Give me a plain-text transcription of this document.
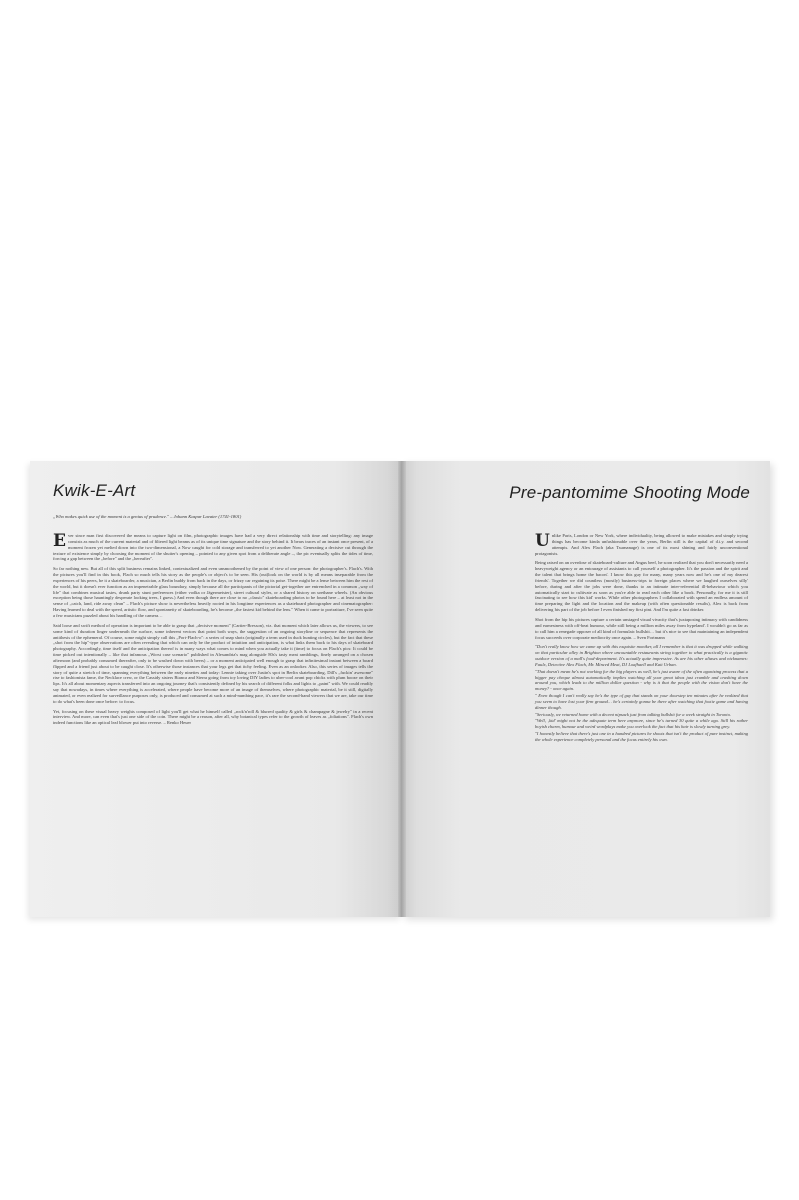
Kwik-E-Art
„Who makes quick use of the moment is a genius of prudence." – Johann Kaspar Lavater (1741-1801)

Ever since man first discovered the means to capture light on film, photographic images have had a very direct relationship with time and storytelling: any image consists as much of the current material and of filtered light beams as of its unique time signature and the story behind it. It bears traces of an instant once present, of a moment frozen yet melted down into the two-dimensional, a Now caught for cold storage and transferred to yet another Now. Generating a decisive cut through the texture of existence simply by choosing the moment of the shutter's opening – pointed to any given spot from a deliberate angle –, the pic eventually splits the tides of time, forcing a gap between the „before" and the „hereafter".

So far nothing new. But all of this split business remains linked, contextualized and even unsmoothened by the point of view of one person: the photographer's. Flach's. With the pictures you'll find in this book, Flach so much tells his story as the people's or object's to be seen. His (out)look on the world is by all means inseparable from the experiences of his peers, be it a skateboarder, a musician, a Berlin buddy from back in the days, or frizzy car regaining its poise. There might be a lense between him the rest of the world, but it doesn't ever function as an impenetrable glass boundary, simply because all the participants of the pictorial get-together are entrenched in a common „way of life" that combines musical tastes, drunk party stunt preferences (either vodka or Jägermeister), street cultural styles, or a shared history on urethane wheels. (An obvious exception being those hauntingly desperate looking trees, I guess.) And even though there are close to no „classic" skateboarding photos to be found here – at least not in the sense of „catch, land, ride away clean" – Flach's picture show is nevertheless heavily rooted in his longtime experiences as a skateboard photographer and cinematographer: Having learned to deal with the speed, artistic flow, and spontaneity of skateboarding, he's become „the fastest kid behind the lens." When it came to portraiture, I've seen quite a few musicians puzzled about his handling of the camera…

Said loose and swift method of operation is important to be able to grasp that „decisive moment" (Cartier-Bresson), viz. that moment which later allows us, the viewers, to see some kind of duration linger underneath the surface, some inherent vectors that point both ways, the suggestion of an ongoing storyline or sequence that represents the antithesis of the ephemeral. Of course, some might simply call this „Port-Flach-o": a series of snap shots (originally a term used in duck hunting circles), but the fact that these „shot from the hip"-type observations are often revealing that which can only be the product of intuition and anticipation, is what links them back to his days of skateboard photography. Accordingly, time itself and the anticipation thereof is in many ways what comes to mind when you actually take it (time) to focus on Flach's pics: It could be time picked out intentionally – like that infamous „Worst case scenario" published in Alexandria's mag alongside 80s's tasty meat ramblings, finely arranged on a chosen afternoon (and probably consumed thereafter, only to be washed down with beers) – or a moment anticipated well enough to grasp that infinitesimal instant between a board flipped and a friend just about to be caught close. It's otherwise those instances that your legs get that itchy feeling. Even as an onlooker. Also, this series of images tells the story of quite a stretch of time, spanning everything between the early nineties and today: Lennie taking over Justin's spot in Berlin skateboarding, Dill's „fuckin' awesome" rise to fashionista fame, the Necklace crew, or the Cassidy sisters Bianca and Sierra going from toy loving DIY ladies to uber-cool avant pop chicks with plum booze on their lips. It's all about momentary aspects transferred into an ongoing journey that's consistently defined by his search of different folks and lights to „paint" with. We could readily say that nowadays, in times where everything is accelerated, where people have become more of an image of themselves, where photographic material, be it still, digitally animated, or even realized for surveillance purposes only, is produced and consumed at such a mind-numbing pace, it's rare the second-hand viewers that we are, take our time to do what's been done once before: to focus.

Yet, focusing on these visual heavy weights composed of light you'll get what he himself called „rock'n'roll & blurred quality & girls & champagne & jewelry" in a recent interview. And more, can even that's just one side of the coin. There might be a reason, after all, why botanical types refer to the growth of leaves as „foliations". Flach's own indeed functions like an optical leaf blower put into reverse. – Renko Heuer

Pre-pantomime Shooting Mode

Unlike Paris, London or New York, where individuality, being allowed to make mistakes and simply trying things has become kinda unfashionable over the years, Berlin still is the capital of d.i.y. and second attempts. And Alex Flach (aka Tsurnanage) is one of its most shining and fairly unconventional protagonists.

Being raised on an overdose of skateboard-culture and Angus beef, he soon realized that you don't necessarily need a heavyweight agency or an entourage of assistants to call yourself a photographer. It's the passion and the spirit and the talent that brings home the bacon'. I know this guy for many, many years now and he's one of my dearest friends'. Together we did countless (mostly) business-trips to foreign places where we laughed ourselves silly' before, during and after the jobs were done, thanks to an intimate inter-referential ill-behaviour which you automatically start to cultivate as soon as you're able to read each other like a book. Personally, for me it is still fascinating to see how this kid' works. While other photographers I collaborated with spend an endless amount of time preparing the light and the location and the makeup (with often questionable results), Alex is back from delivering his part of the job before I even finished my first pint. And I'm quite a fast drinker.

Shot from the hip his pictures capture a certain unstaged visual vivacity that's juxtaposing intimacy with candidness and earnestness with off-beat humour, while still being a million miles away from hypeland'. I wouldn't go as far as to call him a renegade opposer of all kind of formulaic bullshit… but it's nice to see that maintaining an independent focus succeeds over corporate mediocrity once again. – Sven Fortmann

"Don't really know how we came up with this exquisite moniker, all I remember is that it was dropped while walking on that particular alley in Brighton where uncountable restaurants string together to what practically is a gigantic outdoor version of a mall's food-department. It's actually quite impressive. As are his other aliases and nicknames: Faulx, Detective Alex Flach, Mr. Minced Meat, DJ Loafhaell and Kait Urban.

"That doesn't mean he's not working for the big players as well, he's just aware of the often agonizing process that a bigger pay cheque almost automatically implies watching all your great ideas just crumble and crashing down around you, which leads to the million dollar question - why is it that the people with the vision don't have the money? - once again.

" Even though I can't really say he's the type of guy that stands on your doorstep ten minutes after he realized that you seem to have lost your firm ground… he's certainly gonna be there after watching that footie game and having dinner though.

"Seriously, we returned home with a decent nipsack just from talking bullshit for a week straight in Toronto.

"Well, ‚kid' might not be the adequate term here anymore, since he's turned 30 quite a while ago. Still his rather boyish charm, humour and weird wordplays make you overlook the fact that his hair is slowly turning grey.

"I honestly believe that there's just one in a hundred pictures he shoots that isn't the product of pure instinct, making the whole experience completely personal and the focus entirely his own.
